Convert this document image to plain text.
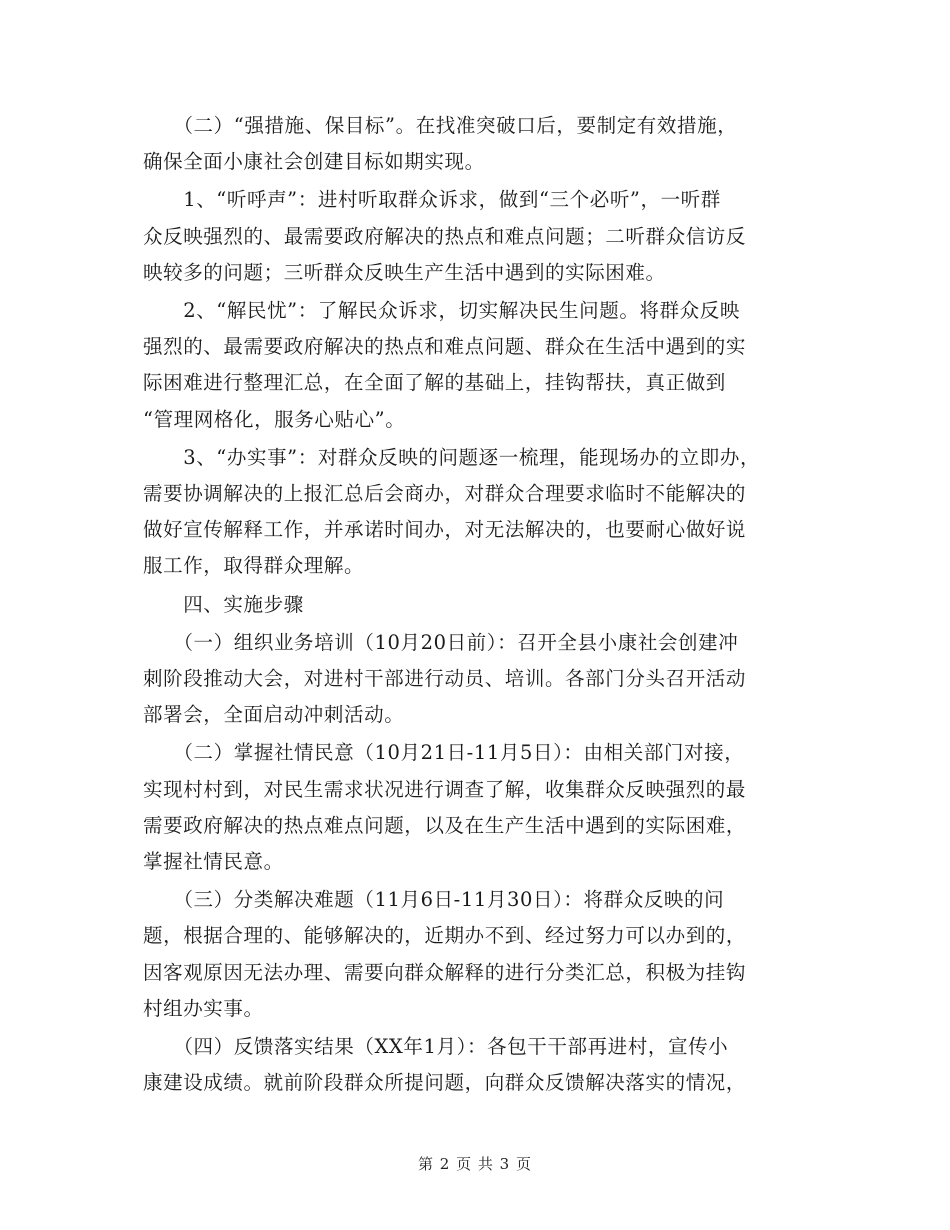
　　（二）“强措施、保目标”。在找准突破口后，要制定有效措施，
确保全面小康社会创建目标如期实现。
　　1、“听呼声”：进村听取群众诉求，做到“三个必听”，一听群
众反映强烈的、最需要政府解决的热点和难点问题；二听群众信访反
映较多的问题；三听群众反映生产生活中遇到的实际困难。
　　2、“解民忧”：了解民众诉求，切实解决民生问题。将群众反映
强烈的、最需要政府解决的热点和难点问题、群众在生活中遇到的实
际困难进行整理汇总，在全面了解的基础上，挂钩帮扶，真正做到
“管理网格化，服务心贴心”。
　　3、“办实事”：对群众反映的问题逐一梳理，能现场办的立即办，
需要协调解决的上报汇总后会商办，对群众合理要求临时不能解决的
做好宣传解释工作，并承诺时间办，对无法解决的，也要耐心做好说
服工作，取得群众理解。
　　四、实施步骤
　　（一）组织业务培训（10月20日前）：召开全县小康社会创建冲
刺阶段推动大会，对进村干部进行动员、培训。各部门分头召开活动
部署会，全面启动冲刺活动。
　　（二）掌握社情民意（10月21日-11月5日）：由相关部门对接，
实现村村到，对民生需求状况进行调查了解，收集群众反映强烈的最
需要政府解决的热点难点问题，以及在生产生活中遇到的实际困难，
掌握社情民意。
　　（三）分类解决难题（11月6日-11月30日）：将群众反映的问
题，根据合理的、能够解决的，近期办不到、经过努力可以办到的，
因客观原因无法办理、需要向群众解释的进行分类汇总，积极为挂钩
村组办实事。
　　（四）反馈落实结果（XX年1月）：各包干干部再进村，宣传小
康建设成绩。就前阶段群众所提问题，向群众反馈解决落实的情况，
第 2 页 共 3 页
